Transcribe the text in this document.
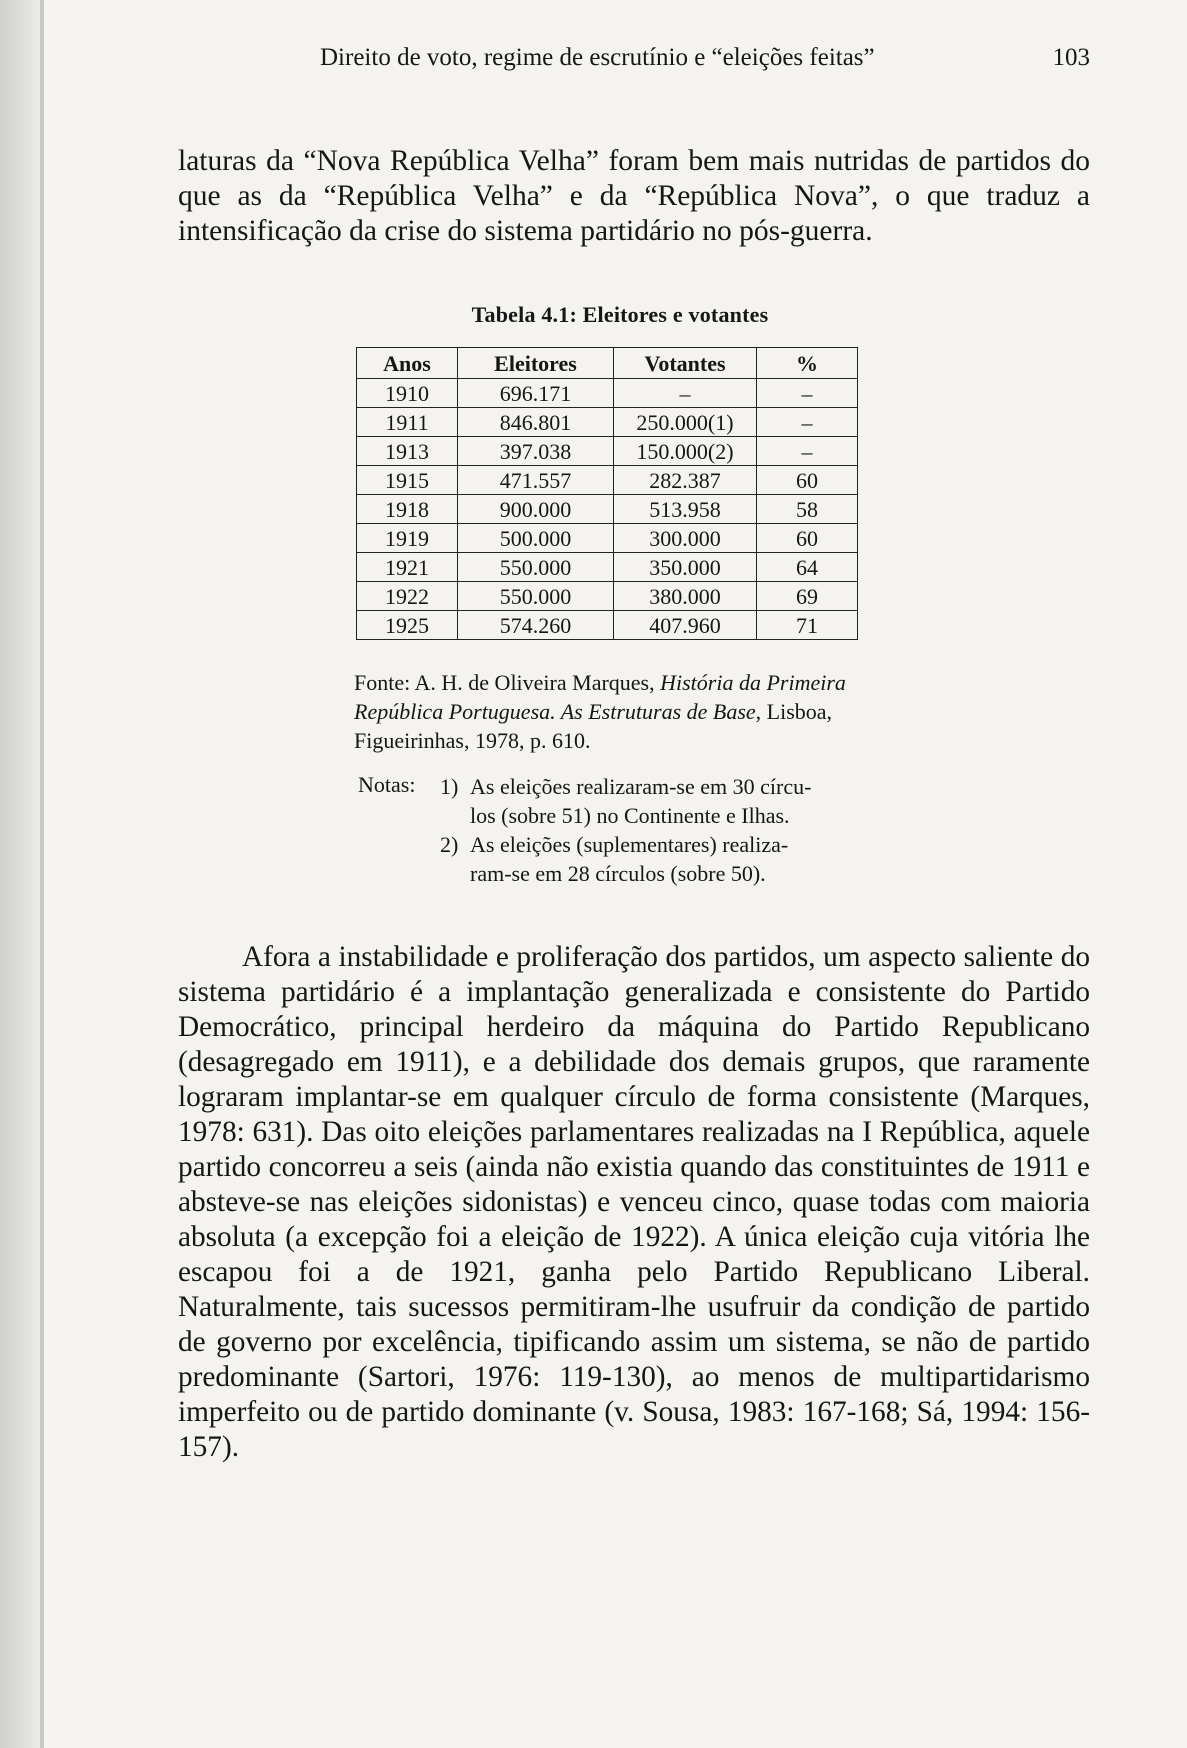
Direito de voto, regime de escrutínio e “eleições feitas”	103

laturas da “Nova República Velha” foram bem mais nutridas de partidos do que as da “República Velha” e da “República Nova”, o que traduz a intensificação da crise do sistema partidário no pós-guerra.

Tabela 4.1: Eleitores e votantes
Anos	Eleitores	Votantes	%
1910	696.171	–	–
1911	846.801	250.000(1)	–
1913	397.038	150.000(2)	–
1915	471.557	282.387	60
1918	900.000	513.958	58
1919	500.000	300.000	60
1921	550.000	350.000	64
1922	550.000	380.000	69
1925	574.260	407.960	71
Fonte: A. H. de Oliveira Marques, História da Primeira República Portuguesa. As Estruturas de Base, Lisboa, Figueirinhas, 1978, p. 610.
Notas: 1) As eleições realizaram-se em 30 círcu-
los (sobre 51) no Continente e Ilhas.
2) As eleições (suplementares) realiza-
ram-se em 28 círculos (sobre 50).

Afora a instabilidade e proliferação dos partidos, um aspecto saliente do sistema partidário é a implantação generalizada e consistente do Partido Democrático, principal herdeiro da máquina do Partido Republicano (desagregado em 1911), e a debilidade dos demais grupos, que raramente lograram implantar-se em qualquer círculo de forma consistente (Marques, 1978: 631). Das oito eleições parlamentares realizadas na I República, aquele partido concorreu a seis (ainda não existia quando das constituintes de 1911 e absteve-se nas eleições sidonistas) e venceu cinco, quase todas com maioria absoluta (a excepção foi a eleição de 1922). A única eleição cuja vitória lhe escapou foi a de 1921, ganha pelo Partido Republicano Liberal. Naturalmente, tais sucessos permitiram-lhe usufruir da condição de partido de governo por excelência, tipificando assim um sistema, se não de partido predominante (Sartori, 1976: 119-130), ao menos de multipartidarismo imperfeito ou de partido dominante (v. Sousa, 1983: 167-168; Sá, 1994: 156-157).
